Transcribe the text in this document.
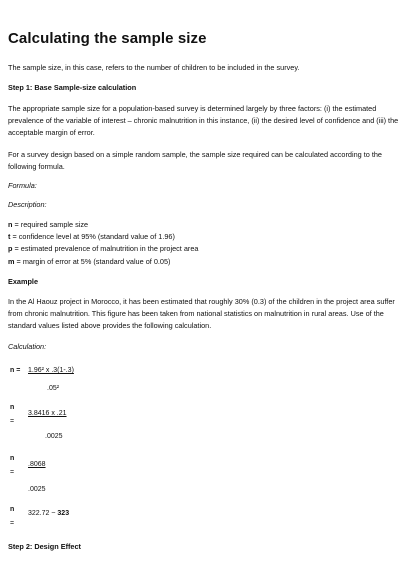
Calculating the sample size

The sample size, in this case, refers to the number of children to be included in the survey.

Step 1: Base Sample-size calculation

The appropriate sample size for a population-based survey is determined largely by three factors: (i) the estimated prevalence of the variable of interest – chronic malnutrition in this instance, (ii) the desired level of confidence and (iii) the acceptable margin of error.

For a survey design based on a simple random sample, the sample size required can be calculated according to the following formula.

Formula:

Description:

n = required sample size
t = confidence level at 95% (standard value of 1.96)
p = estimated prevalence of malnutrition in the project area
m = margin of error at 5% (standard value of 0.05)

Example

In the Al Haouz project in Morocco, it has been estimated that roughly 30% (0.3) of the children in the project area suffer from chronic malnutrition. This figure has been taken from national statistics on malnutrition in rural areas. Use of the standard values listed above provides the following calculation.

Calculation:

n = 1.96² x .3(1-.3)
.05²
n
=
3.8416 x .21
.0025
n
=
.8068
.0025
n
=
322.72 ~ 323

Step 2: Design Effect
